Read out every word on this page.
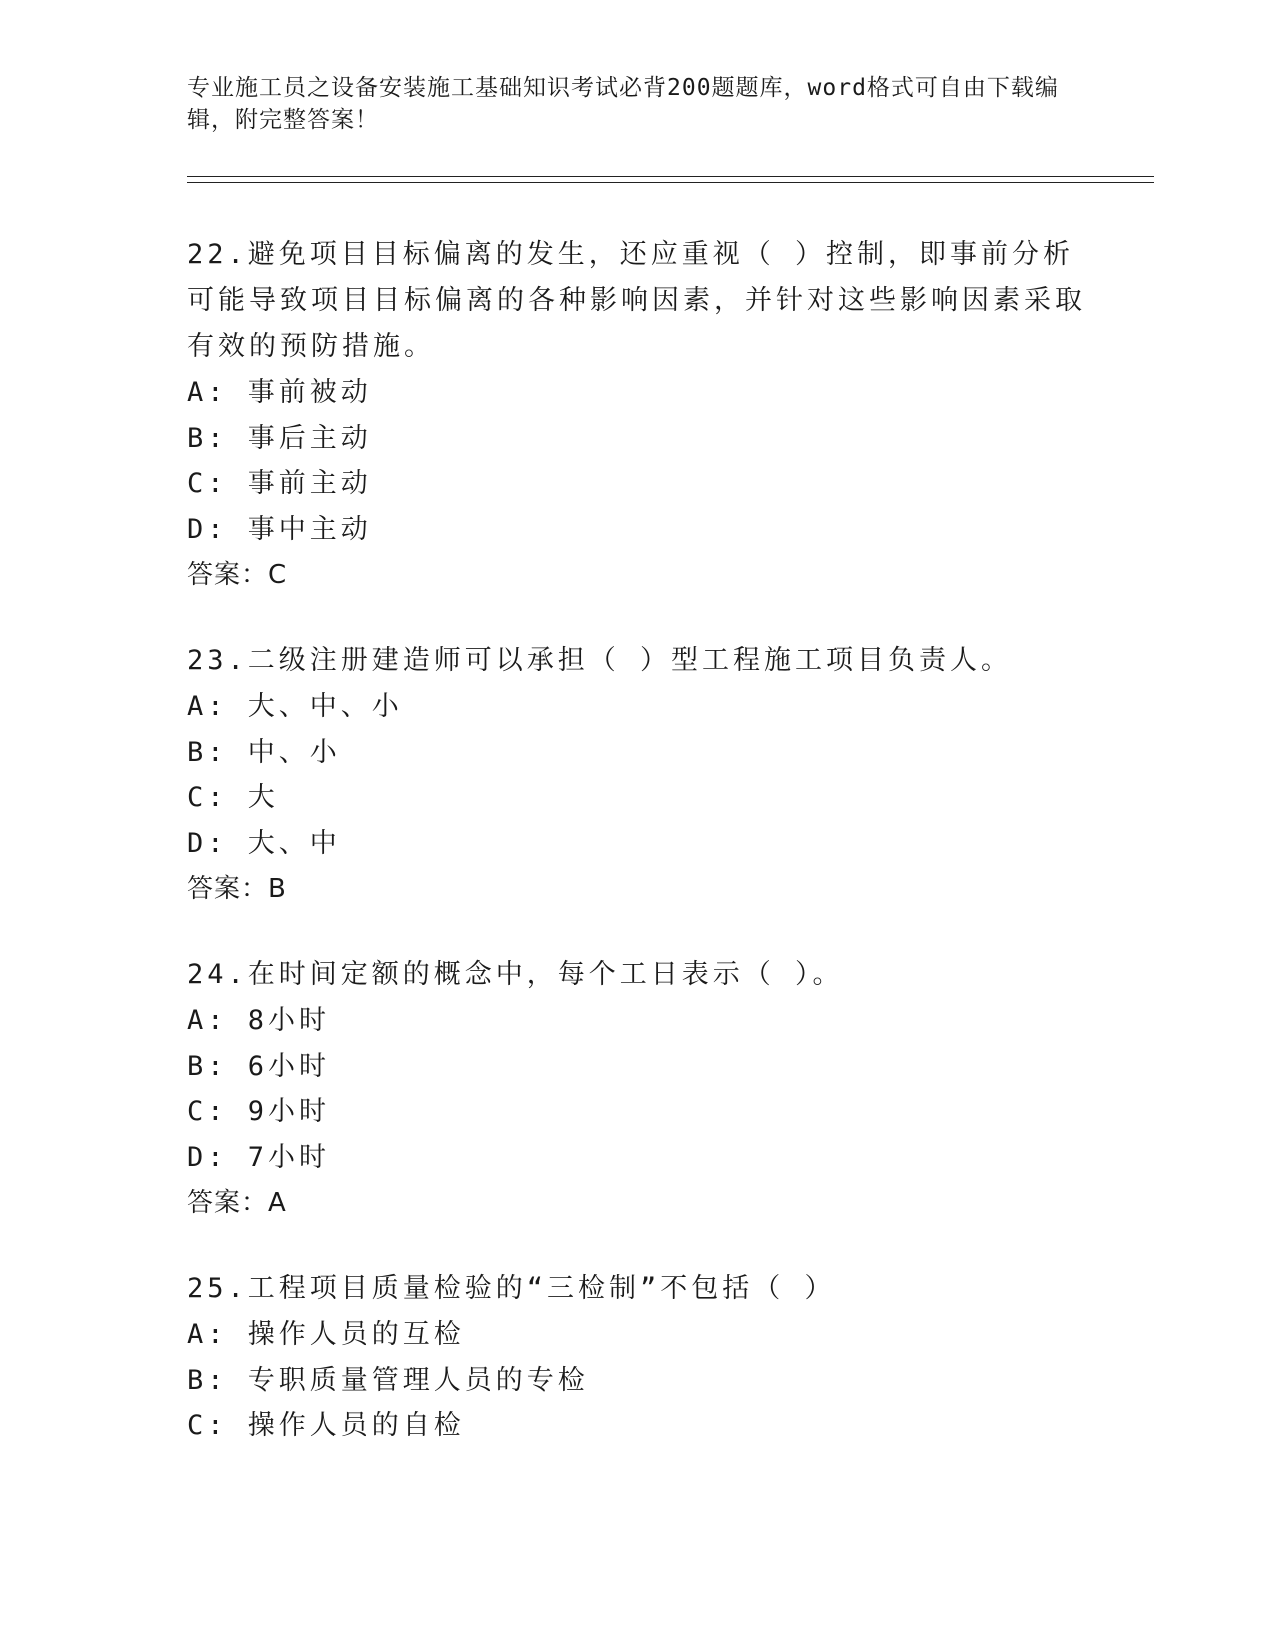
专业施工员之设备安装施工基础知识考试必背200题题库，word格式可自由下载编辑，附完整答案！

22.避免项目目标偏离的发生，还应重视（ ）控制，即事前分析可能导致项目目标偏离的各种影响因素，并针对这些影响因素采取有效的预防措施。

A: 事前被动
B: 事后主动
C: 事前主动
D: 事中主动
答案：C

23.二级注册建造师可以承担（ ）型工程施工项目负责人。

A: 大、中、小
B: 中、小
C: 大
D: 大、中
答案：B

24.在时间定额的概念中，每个工日表示（ ）。

A: 8小时
B: 6小时
C: 9小时
D: 7小时
答案：A

25.工程项目质量检验的“三检制”不包括（ ）

A: 操作人员的互检
B: 专职质量管理人员的专检
C: 操作人员的自检
